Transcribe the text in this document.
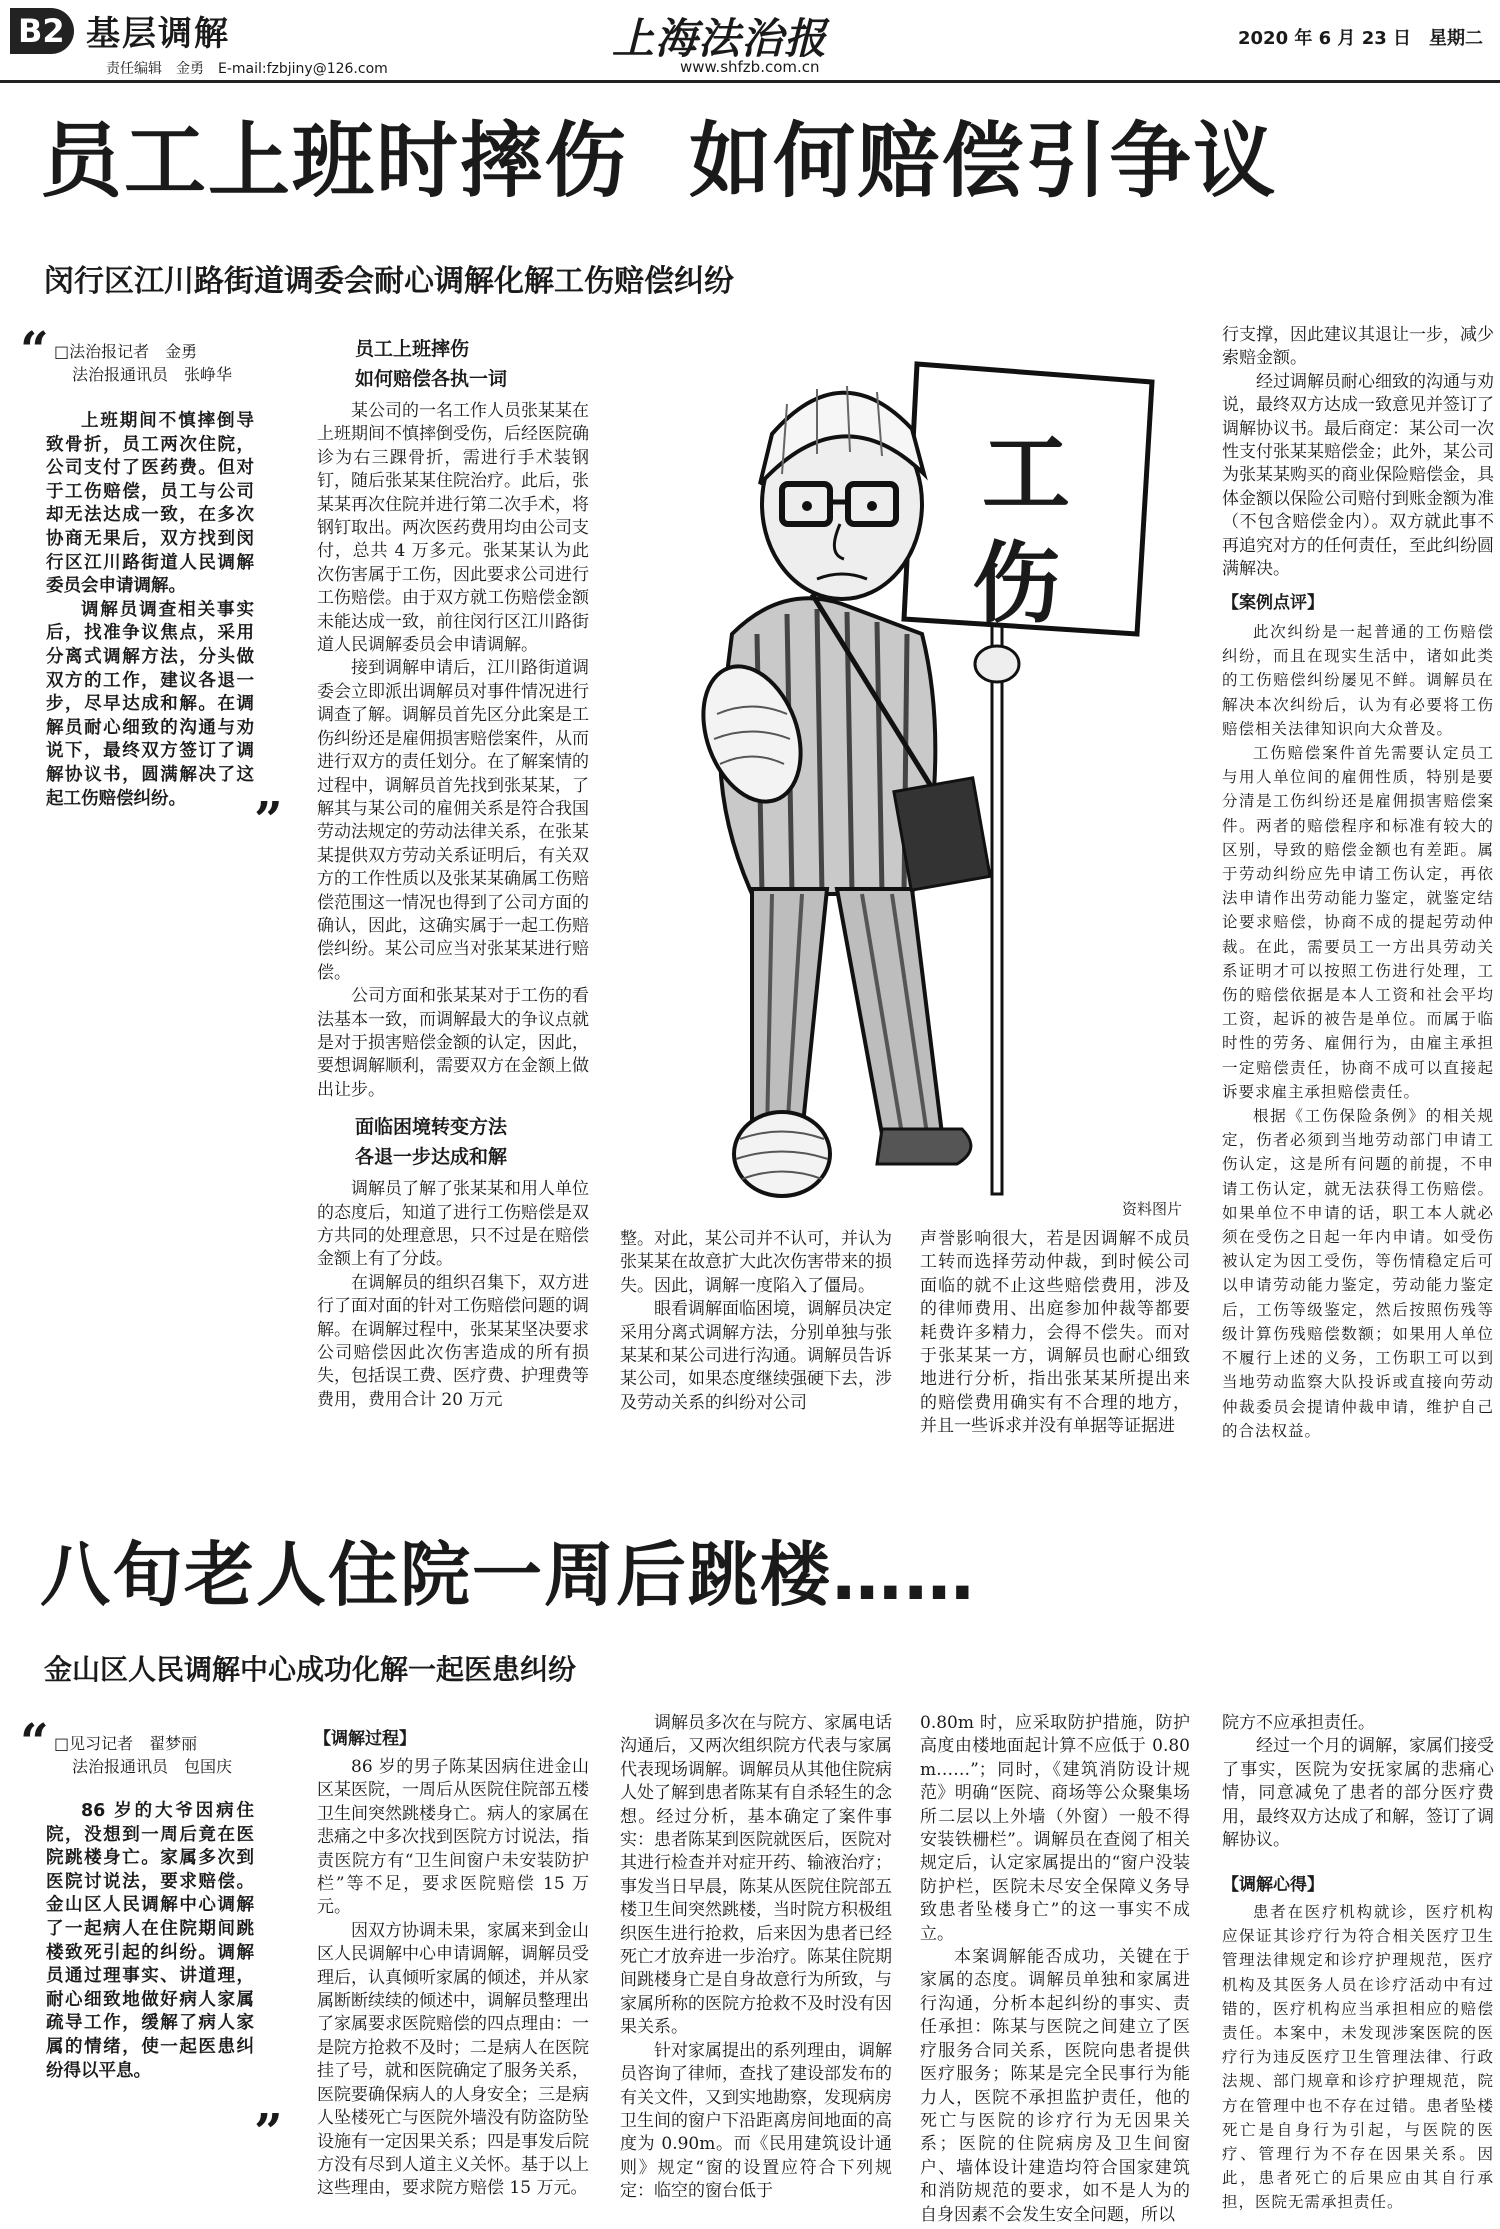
B2 基层调解
责任编辑　金勇　E-mail:fzbjiny@126.com
上海法治报
www.shfzb.com.cn
2020 年 6 月 23 日　星期二
员工上班时摔伤  如何赔偿引争议
闵行区江川路街道调委会耐心调解化解工伤赔偿纠纷
“ □法治报记者　金勇
法治报通讯员　张峥华

上班期间不慎摔倒导致骨折，员工两次住院，公司支付了医药费。但对于工伤赔偿，员工与公司却无法达成一致，在多次协商无果后，双方找到闵行区江川路街道人民调解委员会申请调解。

调解员调查相关事实后，找准争议焦点，采用分离式调解方法，分头做双方的工作，建议各退一步，尽早达成和解。在调解员耐心细致的沟通与劝说下，最终双方签订了调解协议书，圆满解决了这起工伤赔偿纠纷。	”
员工上班摔伤
如何赔偿各执一词

某公司的一名工作人员张某某在上班期间不慎摔倒受伤，后经医院确诊为右三踝骨折，需进行手术装钢钉，随后张某某住院治疗。此后，张某某再次住院并进行第二次手术，将钢钉取出。两次医药费用均由公司支付，总共 4 万多元。张某某认为此次伤害属于工伤，因此要求公司进行工伤赔偿。由于双方就工伤赔偿金额未能达成一致，前往闵行区江川路街道人民调解委员会申请调解。

接到调解申请后，江川路街道调委会立即派出调解员对事件情况进行调查了解。调解员首先区分此案是工伤纠纷还是雇佣损害赔偿案件，从而进行双方的责任划分。在了解案情的过程中，调解员首先找到张某某，了解其与某公司的雇佣关系是符合我国劳动法规定的劳动法律关系，在张某某提供双方劳动关系证明后，有关双方的工作性质以及张某某确属工伤赔偿范围这一情况也得到了公司方面的确认，因此，这确实属于一起工伤赔偿纠纷。某公司应当对张某某进行赔偿。

公司方面和张某某对于工伤的看法基本一致，而调解最大的争议点就是对于损害赔偿金额的认定，因此，要想调解顺利，需要双方在金额上做出让步。

面临困境转变方法
各退一步达成和解

调解员了解了张某某和用人单位的态度后，知道了进行工伤赔偿是双方共同的处理意思，只不过是在赔偿金额上有了分歧。

在调解员的组织召集下，双方进行了面对面的针对工伤赔偿问题的调解。在调解过程中，张某某坚决要求公司赔偿因此次伤害造成的所有损失，包括误工费、医疗费、护理费等费用，费用合计 20 万元

工
伤
资料图片

整。对此，某公司并不认可，并认为张某某在故意扩大此次伤害带来的损失。因此，调解一度陷入了僵局。

眼看调解面临困境，调解员决定采用分离式调解方法，分别单独与张某某和某公司进行沟通。调解员告诉某公司，如果态度继续强硬下去，涉及劳动关系的纠纷对公司

声誉影响很大，若是因调解不成员工转而选择劳动仲裁，到时候公司面临的就不止这些赔偿费用，涉及的律师费用、出庭参加仲裁等都要耗费许多精力，会得不偿失。而对于张某某一方，调解员也耐心细致地进行分析，指出张某某所提出来的赔偿费用确实有不合理的地方，并且一些诉求并没有单据等证据进

行支撑，因此建议其退让一步，减少索赔金额。

经过调解员耐心细致的沟通与劝说，最终双方达成一致意见并签订了调解协议书。最后商定：某公司一次性支付张某某赔偿金；此外，某公司为张某某购买的商业保险赔偿金，具体金额以保险公司赔付到账金额为准（不包含赔偿金内）。双方就此事不再追究对方的任何责任，至此纠纷圆满解决。

【案例点评】

此次纠纷是一起普通的工伤赔偿纠纷，而且在现实生活中，诸如此类的工伤赔偿纠纷屡见不鲜。调解员在解决本次纠纷后，认为有必要将工伤赔偿相关法律知识向大众普及。

工伤赔偿案件首先需要认定员工与用人单位间的雇佣性质，特别是要分清是工伤纠纷还是雇佣损害赔偿案件。两者的赔偿程序和标准有较大的区别，导致的赔偿金额也有差距。属于劳动纠纷应先申请工伤认定，再依法申请作出劳动能力鉴定，就鉴定结论要求赔偿，协商不成的提起劳动仲裁。在此，需要员工一方出具劳动关系证明才可以按照工伤进行处理，工伤的赔偿依据是本人工资和社会平均工资，起诉的被告是单位。而属于临时性的劳务、雇佣行为，由雇主承担一定赔偿责任，协商不成可以直接起诉要求雇主承担赔偿责任。

根据《工伤保险条例》的相关规定，伤者必须到当地劳动部门申请工伤认定，这是所有问题的前提，不申请工伤认定，就无法获得工伤赔偿。如果单位不申请的话，职工本人就必须在受伤之日起一年内申请。如受伤被认定为因工受伤，等伤情稳定后可以申请劳动能力鉴定，劳动能力鉴定后，工伤等级鉴定，然后按照伤残等级计算伤残赔偿数额；如果用人单位不履行上述的义务，工伤职工可以到当地劳动监察大队投诉或直接向劳动仲裁委员会提请仲裁申请，维护自己的合法权益。

八旬老人住院一周后跳楼……
金山区人民调解中心成功化解一起医患纠纷
“ □见习记者　翟梦丽
法治报通讯员　包国庆

86 岁的大爷因病住院，没想到一周后竟在医院跳楼身亡。家属多次到医院讨说法，要求赔偿。金山区人民调解中心调解了一起病人在住院期间跳楼致死引起的纠纷。调解员通过理事实、讲道理，耐心细致地做好病人家属疏导工作，缓解了病人家属的情绪，使一起医患纠纷得以平息。

”
【调解过程】

86 岁的男子陈某因病住进金山区某医院，一周后从医院住院部五楼卫生间突然跳楼身亡。病人的家属在悲痛之中多次找到医院方讨说法，指责医院方有“卫生间窗户未安装防护栏”等不足，要求医院赔偿 15 万元。

因双方协调未果，家属来到金山区人民调解中心申请调解，调解员受理后，认真倾听家属的倾述，并从家属断断续续的倾述中，调解员整理出了家属要求医院赔偿的四点理由：一是院方抢救不及时；二是病人在医院挂了号，就和医院确定了服务关系，医院要确保病人的人身安全；三是病人坠楼死亡与医院外墙没有防盗防坠设施有一定因果关系；四是事发后院方没有尽到人道主义关怀。基于以上这些理由，要求院方赔偿 15 万元。

调解员多次在与院方、家属电话沟通后，又两次组织院方代表与家属代表现场调解。调解员从其他住院病人处了解到患者陈某有自杀轻生的念想。经过分析，基本确定了案件事实：患者陈某到医院就医后，医院对其进行检查并对症开药、输液治疗；事发当日早晨，陈某从医院住院部五楼卫生间突然跳楼，当时院方积极组织医生进行抢救，后来因为患者已经死亡才放弃进一步治疗。陈某住院期间跳楼身亡是自身故意行为所致，与家属所称的医院方抢救不及时没有因果关系。

针对家属提出的系列理由，调解员咨询了律师，查找了建设部发布的有关文件，又到实地勘察，发现病房卫生间的窗户下沿距离房间地面的高度为 0.90m。而《民用建筑设计通则》规定“窗的设置应符合下列规定：临空的窗台低于

0.80m 时，应采取防护措施，防护高度由楼地面起计算不应低于 0.80m……”；同时，《建筑消防设计规范》明确“医院、商场等公众聚集场所二层以上外墙（外窗）一般不得安装铁栅栏”。调解员在查阅了相关规定后，认定家属提出的“窗户没装防护栏，医院未尽安全保障义务导致患者坠楼身亡”的这一事实不成立。

本案调解能否成功，关键在于家属的态度。调解员单独和家属进行沟通，分析本起纠纷的事实、责任承担：陈某与医院之间建立了医疗服务合同关系，医院向患者提供医疗服务；陈某是完全民事行为能力人，医院不承担监护责任，他的死亡与医院的诊疗行为无因果关系；医院的住院病房及卫生间窗户、墙体设计建造均符合国家建筑和消防规范的要求，如不是人为的自身因素不会发生安全问题，所以

院方不应承担责任。

经过一个月的调解，家属们接受了事实，医院为安抚家属的悲痛心情，同意减免了患者的部分医疗费用，最终双方达成了和解，签订了调解协议。

【调解心得】

患者在医疗机构就诊，医疗机构应保证其诊疗行为符合相关医疗卫生管理法律规定和诊疗护理规范，医疗机构及其医务人员在诊疗活动中有过错的，医疗机构应当承担相应的赔偿责任。本案中，未发现涉案医院的医疗行为违反医疗卫生管理法律、行政法规、部门规章和诊疗护理规范，院方在管理中也不存在过错。患者坠楼死亡是自身行为引起，与医院的医疗、管理行为不存在因果关系。因此，患者死亡的后果应由其自行承担，医院无需承担责任。
